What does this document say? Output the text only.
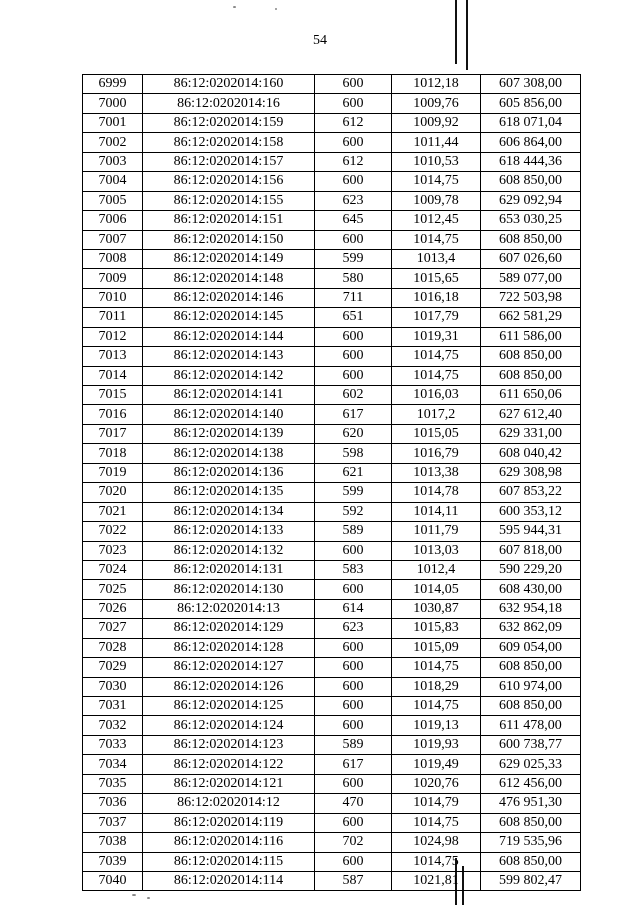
54
6999	86:12:0202014:160	600	1012,18	607 308,00
7000	86:12:0202014:16	600	1009,76	605 856,00
7001	86:12:0202014:159	612	1009,92	618 071,04
7002	86:12:0202014:158	600	1011,44	606 864,00
7003	86:12:0202014:157	612	1010,53	618 444,36
7004	86:12:0202014:156	600	1014,75	608 850,00
7005	86:12:0202014:155	623	1009,78	629 092,94
7006	86:12:0202014:151	645	1012,45	653 030,25
7007	86:12:0202014:150	600	1014,75	608 850,00
7008	86:12:0202014:149	599	1013,4	607 026,60
7009	86:12:0202014:148	580	1015,65	589 077,00
7010	86:12:0202014:146	711	1016,18	722 503,98
7011	86:12:0202014:145	651	1017,79	662 581,29
7012	86:12:0202014:144	600	1019,31	611 586,00
7013	86:12:0202014:143	600	1014,75	608 850,00
7014	86:12:0202014:142	600	1014,75	608 850,00
7015	86:12:0202014:141	602	1016,03	611 650,06
7016	86:12:0202014:140	617	1017,2	627 612,40
7017	86:12:0202014:139	620	1015,05	629 331,00
7018	86:12:0202014:138	598	1016,79	608 040,42
7019	86:12:0202014:136	621	1013,38	629 308,98
7020	86:12:0202014:135	599	1014,78	607 853,22
7021	86:12:0202014:134	592	1014,11	600 353,12
7022	86:12:0202014:133	589	1011,79	595 944,31
7023	86:12:0202014:132	600	1013,03	607 818,00
7024	86:12:0202014:131	583	1012,4	590 229,20
7025	86:12:0202014:130	600	1014,05	608 430,00
7026	86:12:0202014:13	614	1030,87	632 954,18
7027	86:12:0202014:129	623	1015,83	632 862,09
7028	86:12:0202014:128	600	1015,09	609 054,00
7029	86:12:0202014:127	600	1014,75	608 850,00
7030	86:12:0202014:126	600	1018,29	610 974,00
7031	86:12:0202014:125	600	1014,75	608 850,00
7032	86:12:0202014:124	600	1019,13	611 478,00
7033	86:12:0202014:123	589	1019,93	600 738,77
7034	86:12:0202014:122	617	1019,49	629 025,33
7035	86:12:0202014:121	600	1020,76	612 456,00
7036	86:12:0202014:12	470	1014,79	476 951,30
7037	86:12:0202014:119	600	1014,75	608 850,00
7038	86:12:0202014:116	702	1024,98	719 535,96
7039	86:12:0202014:115	600	1014,75	608 850,00
7040	86:12:0202014:114	587	1021,81	599 802,47
